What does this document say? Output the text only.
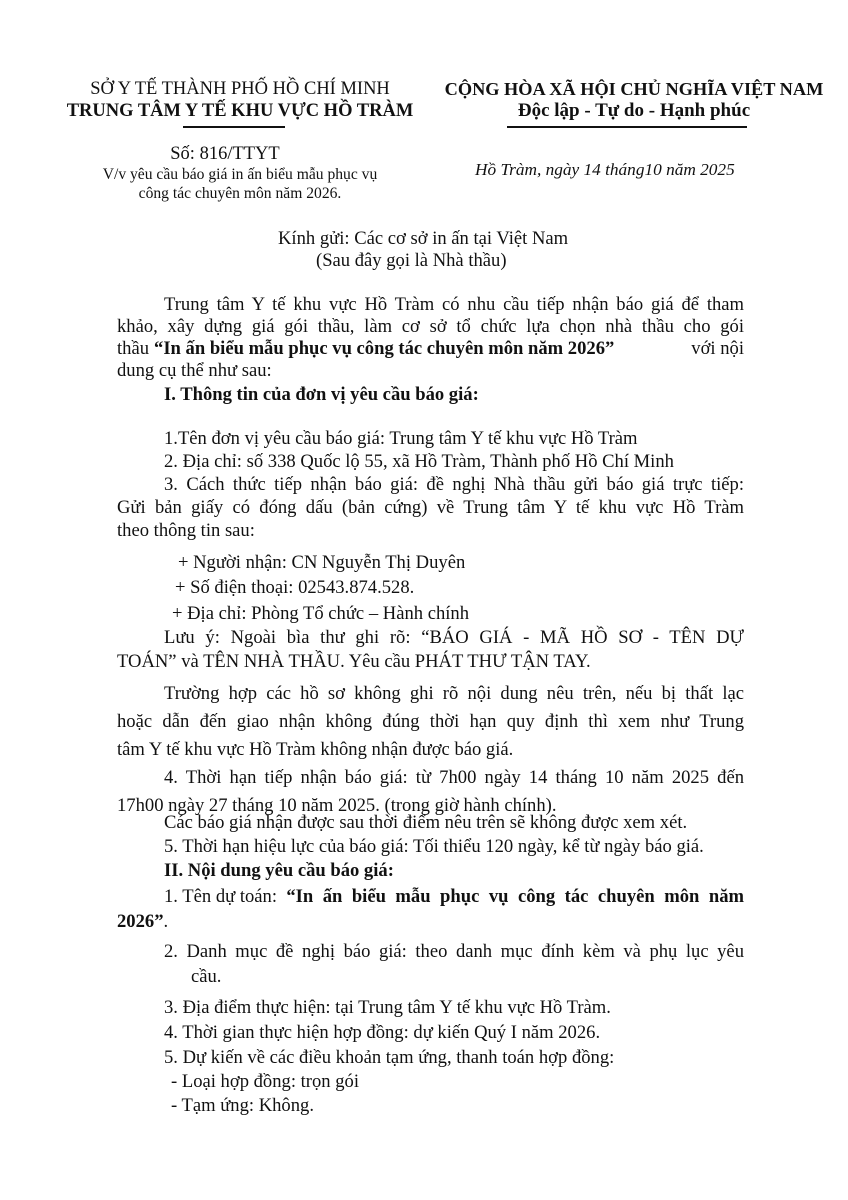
SỞ Y TẾ THÀNH PHỐ HỒ CHÍ MINH
TRUNG TÂM Y TẾ KHU VỰC HỒ TRÀM
Số: 816/TTYT
V/v yêu cầu báo giá in ấn biểu mẫu phục vụ
công tác chuyên môn năm 2026.
CỘNG HÒA XÃ HỘI CHỦ NGHĨA VIỆT NAM
Độc lập - Tự do - Hạnh phúc
Hồ Tràm, ngày 14 tháng10 năm 2025
Kính gửi: Các cơ sở in ấn tại Việt Nam
(Sau đây gọi là Nhà thầu)
Trung tâm Y tế khu vực Hồ Tràm có nhu cầu tiếp nhận báo giá để tham
khảo, xây dựng giá gói thầu, làm cơ sở tổ chức lựa chọn nhà thầu cho gói
thầu “In ấn biểu mẫu phục vụ công tác chuyên môn năm 2026”	với nội
dung cụ thể như sau:
I. Thông tin của đơn vị yêu cầu báo giá:
1.Tên đơn vị yêu cầu báo giá: Trung tâm Y tế khu vực Hồ Tràm
2. Địa chỉ: số 338 Quốc lộ 55, xã Hồ Tràm, Thành phố Hồ Chí Minh
3. Cách thức tiếp nhận báo giá: đề nghị Nhà thầu gửi báo giá trực tiếp:
Gửi bản giấy có đóng dấu (bản cứng) về Trung tâm Y tế khu vực Hồ Tràm
theo thông tin sau:
+ Người nhận: CN Nguyễn Thị Duyên
+ Số điện thoại: 02543.874.528.
+ Địa chỉ: Phòng Tổ chức – Hành chính
Lưu ý: Ngoài bìa thư ghi rõ: “BÁO GIÁ - MÃ HỒ SƠ - TÊN DỰ
TOÁN” và TÊN NHÀ THẦU. Yêu cầu PHÁT THƯ TẬN TAY.
Trường hợp các hồ sơ không ghi rõ nội dung nêu trên, nếu bị thất lạc
hoặc dẫn đến giao nhận không đúng thời hạn quy định thì xem như Trung
tâm Y tế khu vực Hồ Tràm không nhận được báo giá.
4. Thời hạn tiếp nhận báo giá: từ 7h00 ngày 14 tháng 10 năm 2025 đến
17h00 ngày 27 tháng 10 năm 2025. (trong giờ hành chính).
Các báo giá nhận được sau thời điểm nêu trên sẽ không được xem xét.
5. Thời hạn hiệu lực của báo giá: Tối thiểu 120 ngày, kể từ ngày báo giá.
II. Nội dung yêu cầu báo giá:
1. Tên dự toán: “In ấn biểu mẫu phục vụ công tác chuyên môn năm
2026”.
2. Danh mục đề nghị báo giá: theo danh mục đính kèm và phụ lục yêu
cầu.
3. Địa điểm thực hiện: tại Trung tâm Y tế khu vực Hồ Tràm.
4. Thời gian thực hiện hợp đồng: dự kiến Quý I năm 2026.
5. Dự kiến về các điều khoản tạm ứng, thanh toán hợp đồng:
- Loại hợp đồng: trọn gói
- Tạm ứng: Không.
